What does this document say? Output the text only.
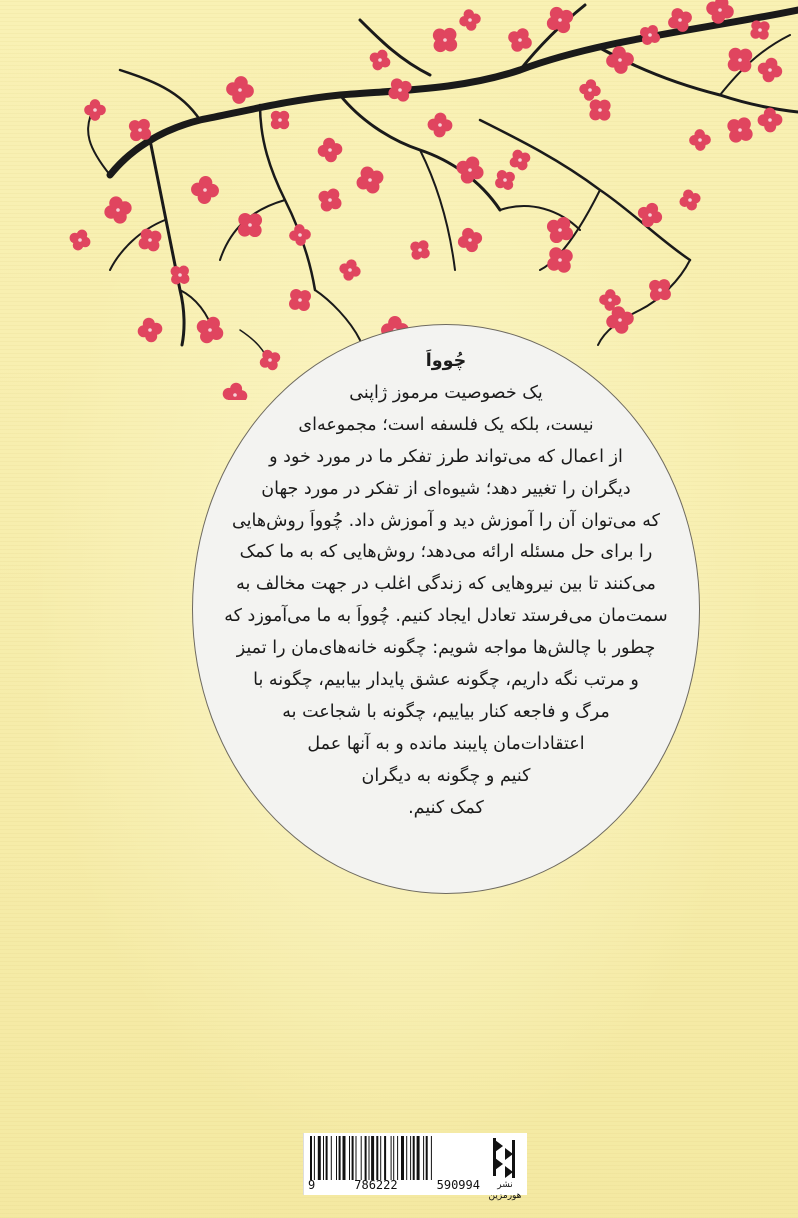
چُوواَ
یک خصوصیت مرموز ژاپنی
نیست، بلکه یک فلسفه است؛ مجموعه‌ای
از اعمال که می‌تواند طرز تفکر ما در مورد خود و
دیگران را تغییر دهد؛ شیوه‌ای از تفکر در مورد جهان
که می‌توان آن را آموزش دید و آموزش داد. چُوواَ روش‌هایی
را برای حل مسئله ارائه می‌دهد؛ روش‌هایی که به ما کمک
می‌کنند تا بین نیروهایی که زندگی اغلب در جهت مخالف به
سمت‌مان می‌فرستد تعادل ایجاد کنیم. چُوواَ به ما می‌آموزد که
چطور با چالش‌ها مواجه شویم: چگونه خانه‌های‌مان را تمیز
و مرتب نگه داریم، چگونه عشق پایدار بیابیم، چگونه با
مرگ و فاجعه کنار بیاییم، چگونه با شجاعت به
اعتقادات‌مان پایبند مانده و به آنها عمل
کنیم و چگونه به دیگران
کمک کنیم.
9	786222	590994	نشر هورمزین
